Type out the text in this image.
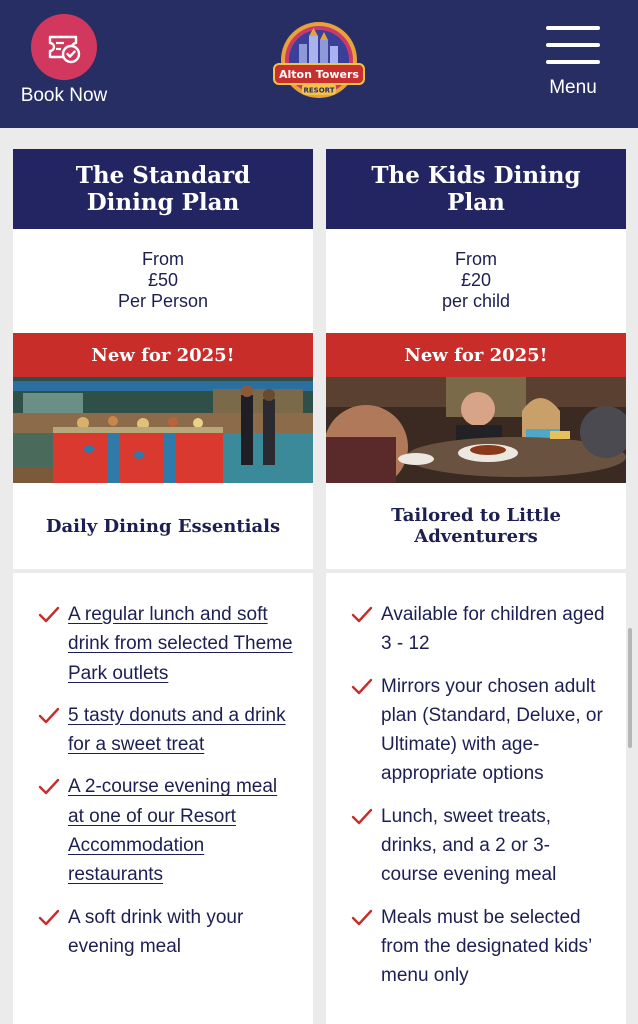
Book Now
Alton Towers
RESORT	Menu
The Standard Dining Plan
From
£50
Per Person
New for 2025!
Daily Dining Essentials
A regular lunch and soft drink from selected Theme Park outlets
5 tasty donuts and a drink for a sweet treat
A 2-course evening meal at one of our Resort Accommodation restaurants
A soft drink with your evening meal
The Kids Dining Plan
From
£20
per child
New for 2025!
Tailored to Little Adventurers
Available for children aged 3 - 12
Mirrors your chosen adult plan (Standard, Deluxe, or Ultimate) with age-appropriate options
Lunch, sweet treats, drinks, and a 2 or 3-course evening meal
Meals must be selected from the designated kids’ menu only
